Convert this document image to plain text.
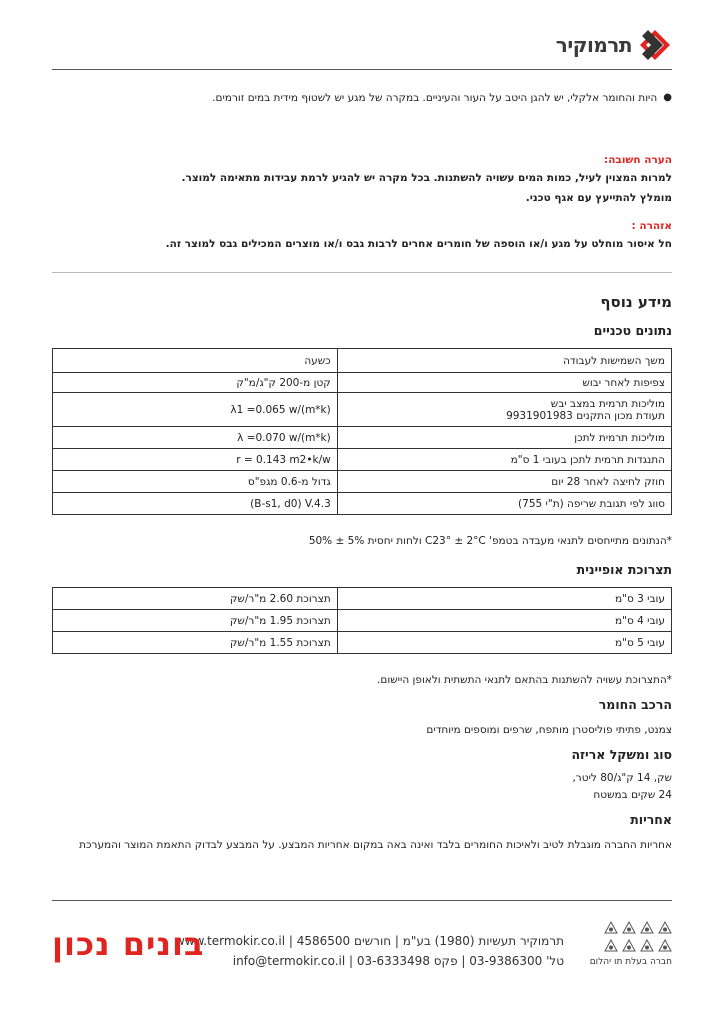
תרמוקיר
●
היות והחומר אלקלי, יש להגן היטב על העור והעיניים. במקרה של מגע יש לשטוף מידית במים זורמים.
הערה חשובה:
למרות המצוין לעיל, כמות המים עשויה להשתנות. בכל מקרה יש להגיע לרמת עבידות מתאימה למוצר.
מומלץ להתייעץ עם אגף טכני.
אזהרה :
חל איסור מוחלט על מגע ו/או הוספה של חומרים אחרים לרבות גבס ו/או מוצרים המכילים גבס למוצר זה.
מידע נוסף
נתונים טכניים
משך השמישות לעבודה	כשעה
צפיפות לאחר יבוש	קטן מ-200 ק"ג/מ"ק
מוליכות תרמית במצב יבש
תעודת מכון התקנים 9931901983	(λ1 =0.065 w/(m*k
מוליכות תרמית לתכן	(λ =0.070 w/(m*k
התנגדות תרמית לתכן בעובי 1 ס"מ	r = 0.143 m2•k/w
חוזק לחיצה לאחר 28 יום	גדול מ-0.6 מגפ"ס
סווג לפי תגובת שריפה (ת"י 755)	B-s1, d0) V.4.3)
*הנתונים מתייחסים לתנאי מעבדה בטמפ' C23° ± 2°C ולחות יחסית 5% ± 50%
תצרוכת אופיינית
עובי 3 ס"מ	תצרוכת 2.60 מ"ר/שק
עובי 4 ס"מ	תצרוכת 1.95 מ"ר/שק
עובי 5 ס"מ	תצרוכת 1.55 מ"ר/שק
*התצרוכת עשויה להשתנות בהתאם לתנאי התשתית ולאופן היישום.
הרכב החומר
צמנט, פתיתי פוליסטרן מותפח, שרפים ומוספים מיוחדים
סוג ומשקל אריזה
שק, 14 ק"ג/80 ליטר,
24 שקים במשטח
אחריות
אחריות החברה מוגבלת לטיב ולאיכות החומרים בלבד ואינה באה במקום אחריות המבצע. על המבצע לבדוק התאמת המוצר והמערכת
חברה בעלת תו יהלום
תרמוקיר תעשיות (1980) בע"מ | חורשים 4586500 | www.termokir.co.il
טל' 03-9386300 | פקס 03-6333498 | info@termokir.co.il
בונים נכון
